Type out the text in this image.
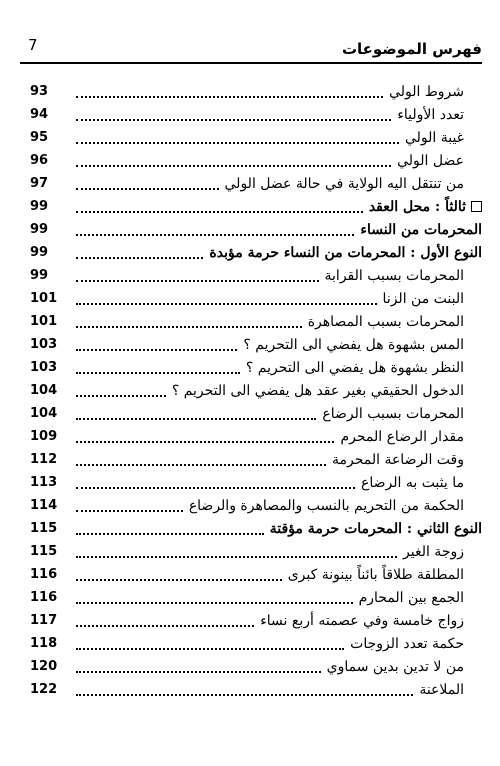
فهرس الموضوعات
7
شروط الولي
93
تعدد الأولياء
94
غيبة الولي
95
عضل الولي
96
من تنتقل اليه الولاية في حالة عضل الولي
97
ثالثاً : محل العقد
99
المحرمات من النساء
99
النوع الأول : المحرمات من النساء حرمة مؤبدة
99
المحرمات بسبب القرابة
99
البنت من الزنا
101
المحرمات بسبب المصاهرة
101
المس بشهوة هل يفضي الى التحريم ؟
103
النظر بشهوة هل يفضي الى التحريم ؟
103
الدخول الحقيقي بغير عقد هل يفضي الى التحريم ؟
104
المحرمات بسبب الرضاع
104
مقدار الرضاع المحرم
109
وقت الرضاعة المحرمة
112
ما يثبت به الرضاع
113
الحكمة من التحريم بالنسب والمصاهرة والرضاع
114
النوع الثاني : المحرمات حرمة مؤقتة
115
زوجة الغير
115
المطلقة طلاقاً بائناً بينونة كبرى
116
الجمع بين المحارم
116
زواج خامسة وفي عصمته أربع نساء
117
حكمة تعدد الزوجات
118
من لا تدين بدين سماوي
120
الملاعنة
122
